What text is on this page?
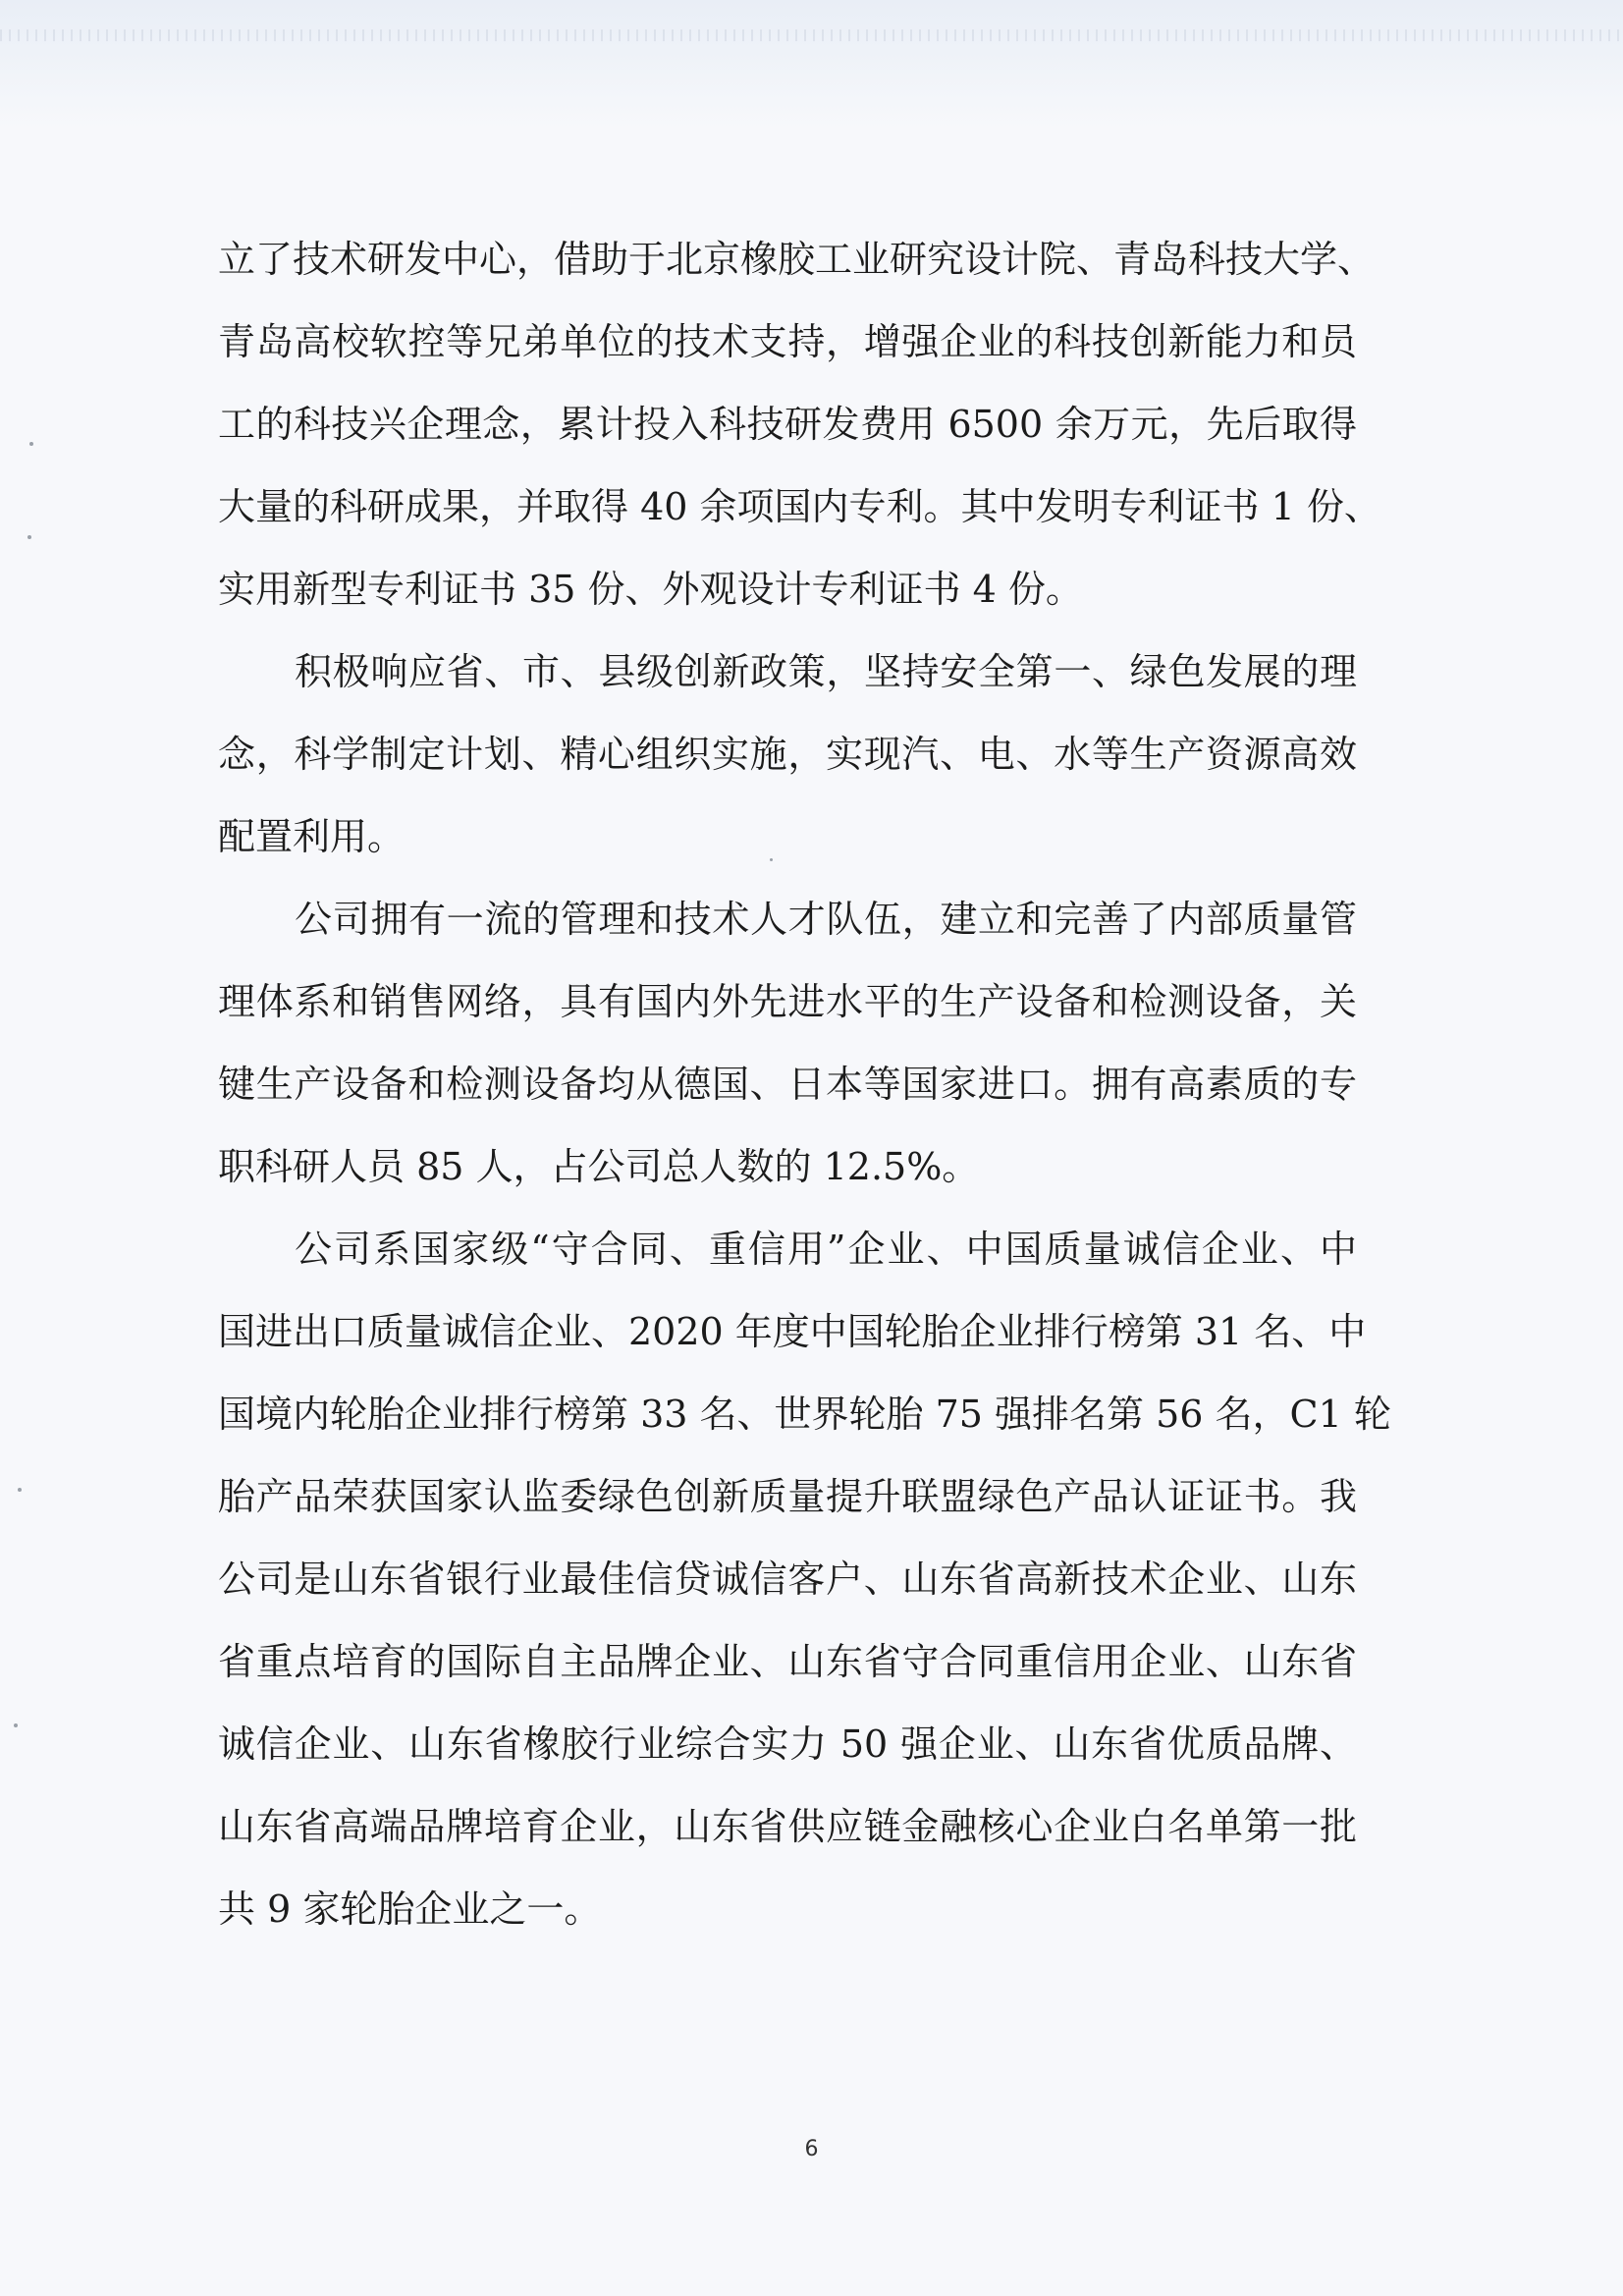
立了技术研发中心，借助于北京橡胶工业研究设计院、青岛科技大学、
青岛高校软控等兄弟单位的技术支持，增强企业的科技创新能力和员
工的科技兴企理念，累计投入科技研发费用 6500 余万元，先后取得
大量的科研成果，并取得 40 余项国内专利。其中发明专利证书 1 份、
实用新型专利证书 35 份、外观设计专利证书 4 份。
积极响应省、市、县级创新政策，坚持安全第一、绿色发展的理
念，科学制定计划、精心组织实施，实现汽、电、水等生产资源高效
配置利用。
公司拥有一流的管理和技术人才队伍，建立和完善了内部质量管
理体系和销售网络，具有国内外先进水平的生产设备和检测设备，关
键生产设备和检测设备均从德国、日本等国家进口。拥有高素质的专
职科研人员 85 人，占公司总人数的 12.5%。
公司系国家级“守合同、重信用”企业、中国质量诚信企业、中
国进出口质量诚信企业、2020 年度中国轮胎企业排行榜第 31 名、中
国境内轮胎企业排行榜第 33 名、世界轮胎 75 强排名第 56 名，C1 轮
胎产品荣获国家认监委绿色创新质量提升联盟绿色产品认证证书。我
公司是山东省银行业最佳信贷诚信客户、山东省高新技术企业、山东
省重点培育的国际自主品牌企业、山东省守合同重信用企业、山东省
诚信企业、山东省橡胶行业综合实力 50 强企业、山东省优质品牌、
山东省高端品牌培育企业，山东省供应链金融核心企业白名单第一批
共 9 家轮胎企业之一。
6
